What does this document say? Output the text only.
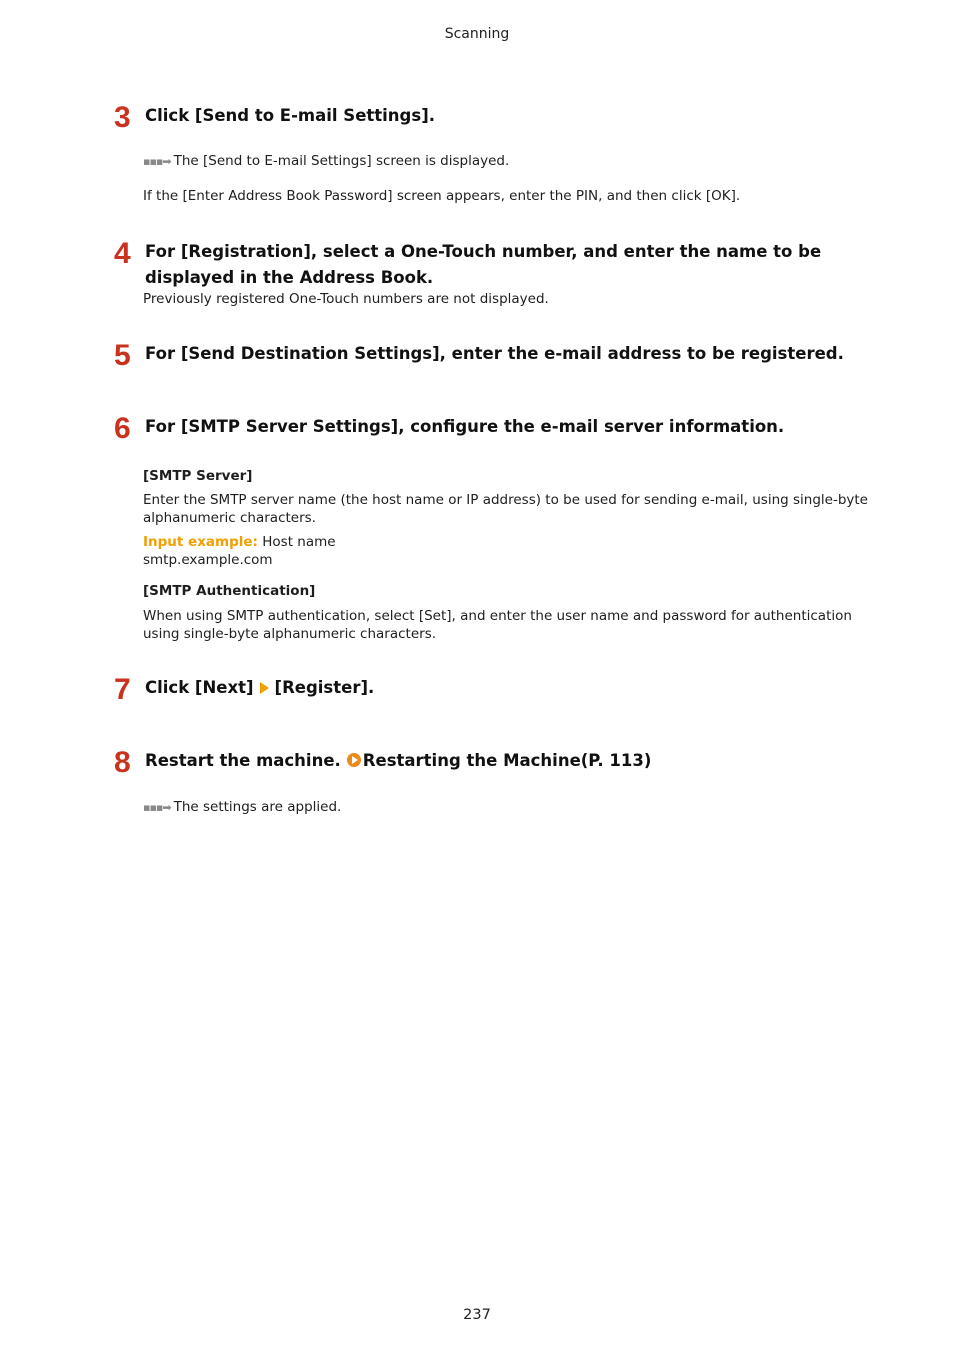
Scanning
3 Click [Send to E-mail Settings].
▪▪▪➡ The [Send to E-mail Settings] screen is displayed.
If the [Enter Address Book Password] screen appears, enter the PIN, and then click [OK].
4 For [Registration], select a One-Touch number, and enter the name to be displayed in the Address Book.
Previously registered One-Touch numbers are not displayed.
5 For [Send Destination Settings], enter the e-mail address to be registered.
6 For [SMTP Server Settings], configure the e-mail server information.
[SMTP Server]
Enter the SMTP server name (the host name or IP address) to be used for sending e-mail, using single-byte alphanumeric characters.
Input example: Host name
smtp.example.com
[SMTP Authentication]
When using SMTP authentication, select [Set], and enter the user name and password for authentication using single-byte alphanumeric characters.
7 Click [Next] [Register].
8 Restart the machine. Restarting the Machine(P. 113)
▪▪▪➡ The settings are applied.
237
